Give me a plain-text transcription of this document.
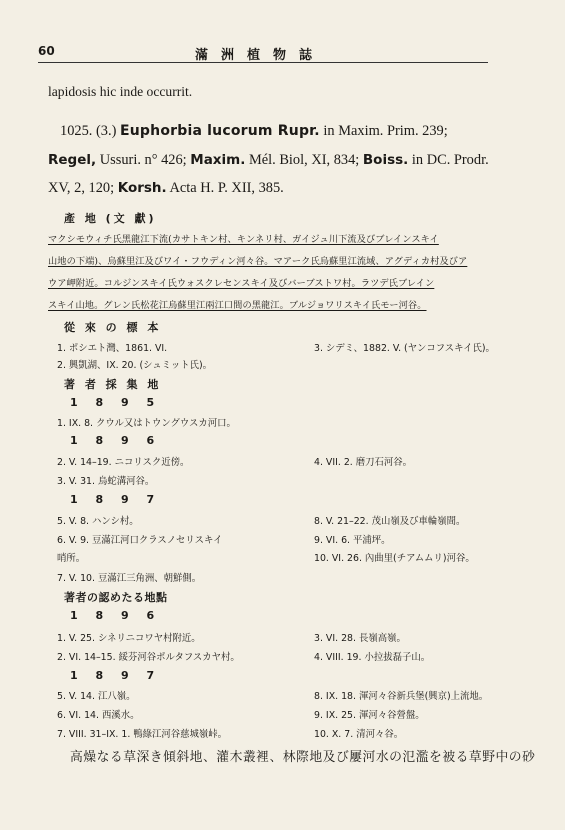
60	滿洲植物誌
lapidosis hic inde occurrit.
1025. (3.) Euphorbia lucorum Rupr. in Maxim. Prim. 239;
Regel, Ussuri. n° 426; Maxim. Mél. Biol, XI, 834; Boiss. in DC. Prodr.
XV, 2, 120; Korsh. Acta H. P. XII, 385.
產 地 (文 獻)
マクシモウィチ氏黑龍江下流(カサトキン村、キンネリ村、ガイジュ川下流及びブレインスキイ
山地の下端)、烏蘇里江及びワイ・フウディン河々谷。マアーク氏烏蘇里江流域、アグディカ村及びア
ウア岬附近。コルジンスキイ氏ウォスクレセンスキイ及びバーブストワ村。ラツデ氏ブレイン
スキイ山地。グレン氏松花江烏蘇里江兩江口間の黑龍江。ブルジョワリスキイ氏モー河谷。
從 來 の 標 本
1. ポシエト灣、1861. VI.
2. 興凱湖、IX. 20. (シュミット氏)。
3. シデミ、1882. V. (ヤンコフスキイ氏)。
著 者 採 集 地
1 8 9 5
1. IX. 8. クウル又はトウングウスカ河口。
1 8 9 6
2. V. 14–19. ニコリスク近傍。
3. V. 31. 烏蛇溝河谷。
4. VII. 2. 磨刀石河谷。
1 8 9 7
5. V. 8. ハンシ村。
6. V. 9. 豆滿江河口クラスノセリスキイ
哨所。
7. V. 10. 豆滿江三角洲、朝鮮側。
8. V. 21–22. 茂山嶺及び車輪嶺間。
9. VI. 6. 平浦坪。
10. VI. 26. 內曲里(チアムムリ)河谷。
著者の認めたる地點
1 8 9 6
1. V. 25. シネリニコワヤ村附近。
2. VI. 14–15. 綏芬河谷ポルタフスカヤ村。
3. VI. 28. 長嶺高嶺。
4. VIII. 19. 小拉拔磊子山。
1 8 9 7
5. V. 14. 江八嶺。
6. VI. 14. 西溪水。
7. VIII. 31–IX. 1. 鴨綠江河谷慈城嶺峠。
8. IX. 18. 渾河々谷新兵堡(興京)上流地。
9. IX. 25. 渾河々谷營盤。
10. X. 7. 清河々谷。
高燥なる草深き傾斜地、灌木叢裡、林際地及び屢河水の氾濫を被る草野中の砂
